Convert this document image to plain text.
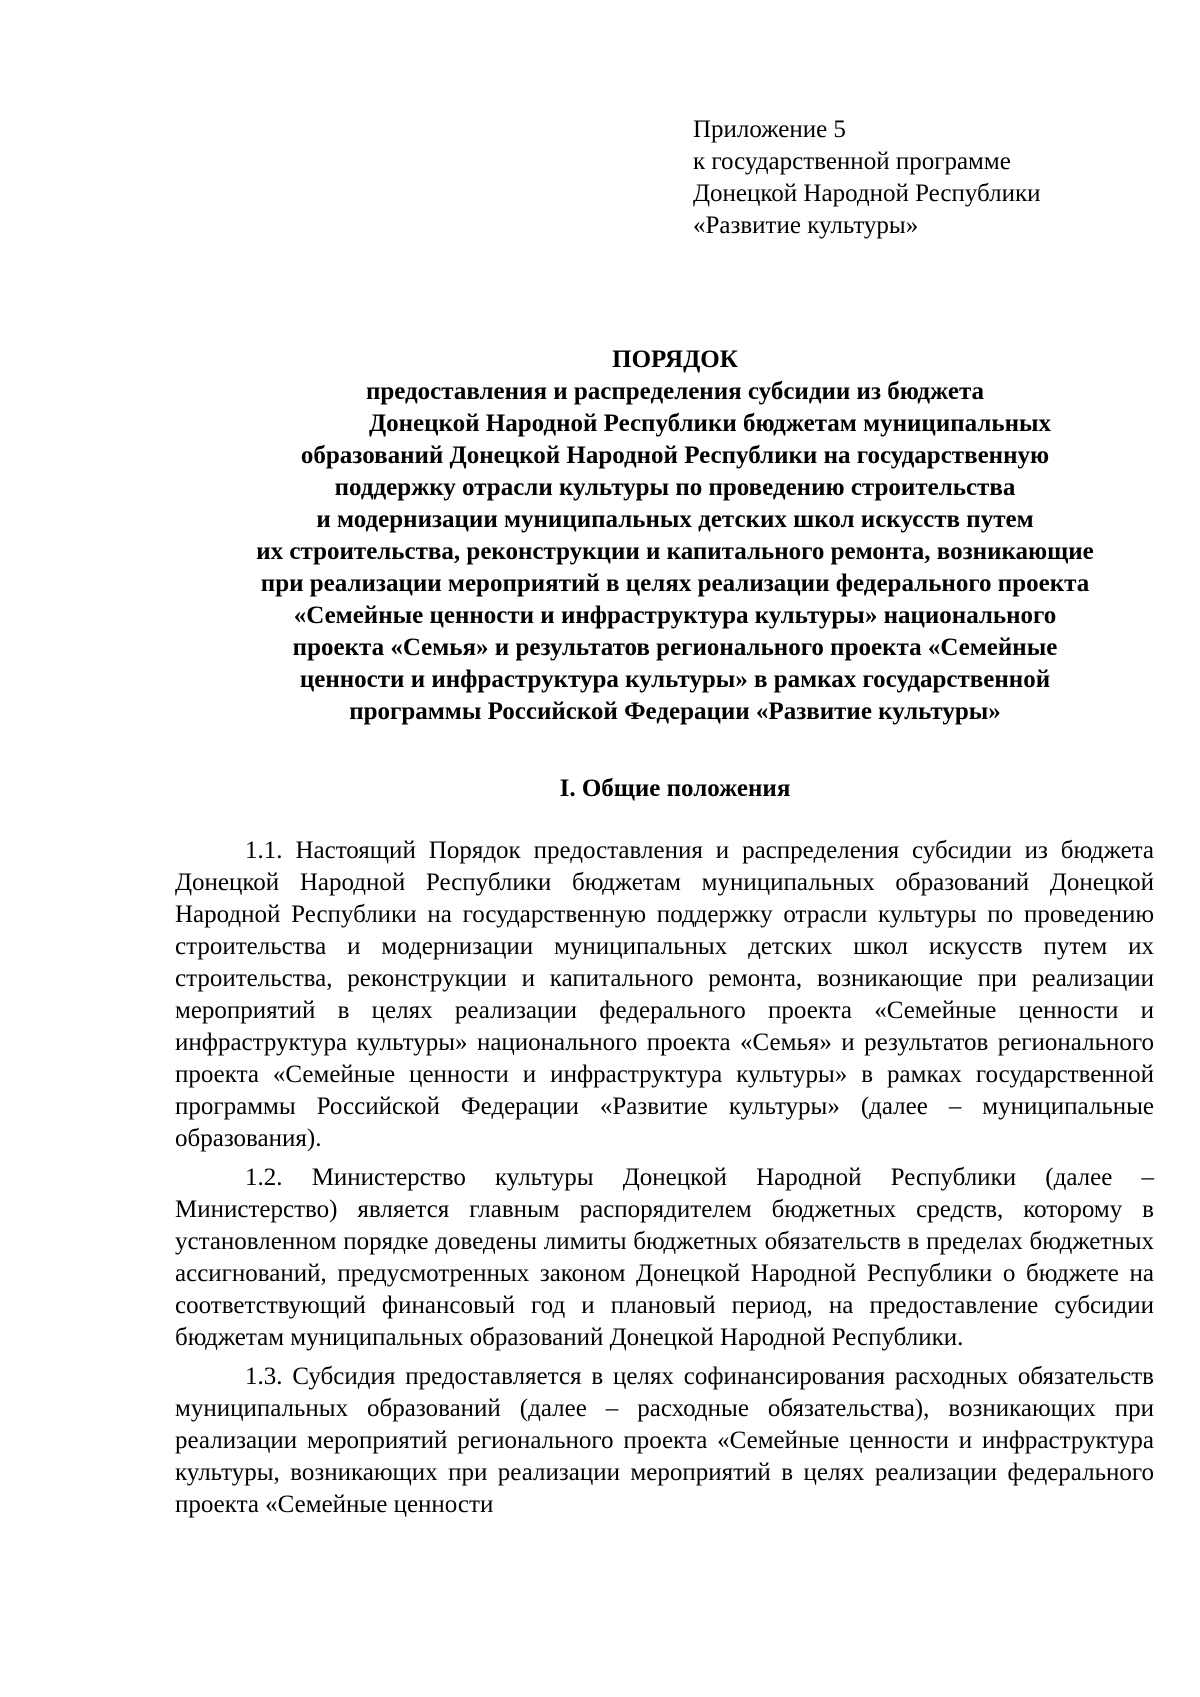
Приложение 5
к государственной программе
Донецкой Народной Республики
«Развитие культуры»
ПОРЯДОК
предоставления и распределения субсидии из бюджета
Донецкой Народной Республики бюджетам муниципальных
образований Донецкой Народной Республики на государственную
поддержку отрасли культуры по проведению строительства
и модернизации муниципальных детских школ искусств путем
их строительства, реконструкции и капитального ремонта, возникающие
при реализации мероприятий в целях реализации федерального проекта
«Семейные ценности и инфраструктура культуры» национального
проекта «Семья» и результатов регионального проекта «Семейные
ценности и инфраструктура культуры» в рамках государственной
программы Российской Федерации «Развитие культуры»
I. Общие положения

1.1. Настоящий Порядок предоставления и распределения субсидии из бюджета Донецкой Народной Республики бюджетам муниципальных образований Донецкой Народной Республики на государственную поддержку отрасли культуры по проведению строительства и модернизации муниципальных детских школ искусств путем их строительства, реконструкции и капитального ремонта, возникающие при реализации мероприятий в целях реализации федерального проекта «Семейные ценности и инфраструктура культуры» национального проекта «Семья» и результатов регионального проекта «Семейные ценности и инфраструктура культуры» в рамках государственной программы Российской Федерации «Развитие культуры» (далее – муниципальные образования).

1.2. Министерство культуры Донецкой Народной Республики (далее – Министерство) является главным распорядителем бюджетных средств, которому в установленном порядке доведены лимиты бюджетных обязательств в пределах бюджетных ассигнований, предусмотренных законом Донецкой Народной Республики о бюджете на соответствующий финансовый год и плановый период, на предоставление субсидии бюджетам муниципальных образований Донецкой Народной Республики.

1.3. Субсидия предоставляется в целях софинансирования расходных обязательств муниципальных образований (далее – расходные обязательства), возникающих при реализации мероприятий регионального проекта «Семейные ценности и инфраструктура культуры, возникающих при реализации мероприятий в целях реализации федерального проекта «Семейные ценности
